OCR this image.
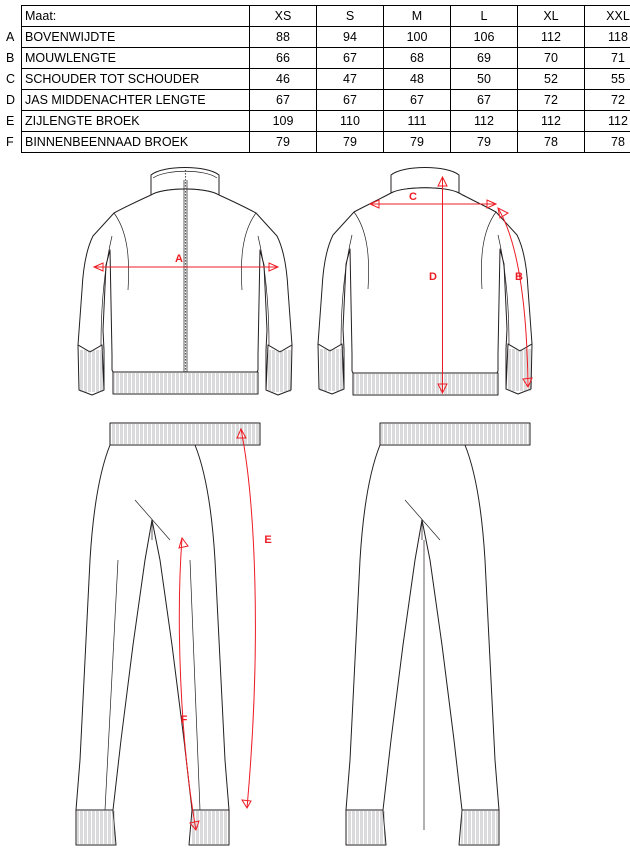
	Maat:	XS	S	M	L	XL	XXL
A	BOVENWIJDTE	88	94	100	106	112	118
B	MOUWLENGTE	66	67	68	69	70	71
C	SCHOUDER TOT SCHOUDER	46	47	48	50	52	55
D	JAS MIDDENACHTER LENGTE	67	67	67	67	72	72
E	ZIJLENGTE BROEK	109	110	111	112	112	112
F	BINNENBEENNAAD BROEK	79	79	79	79	78	78
A
C
D	B
E
F
